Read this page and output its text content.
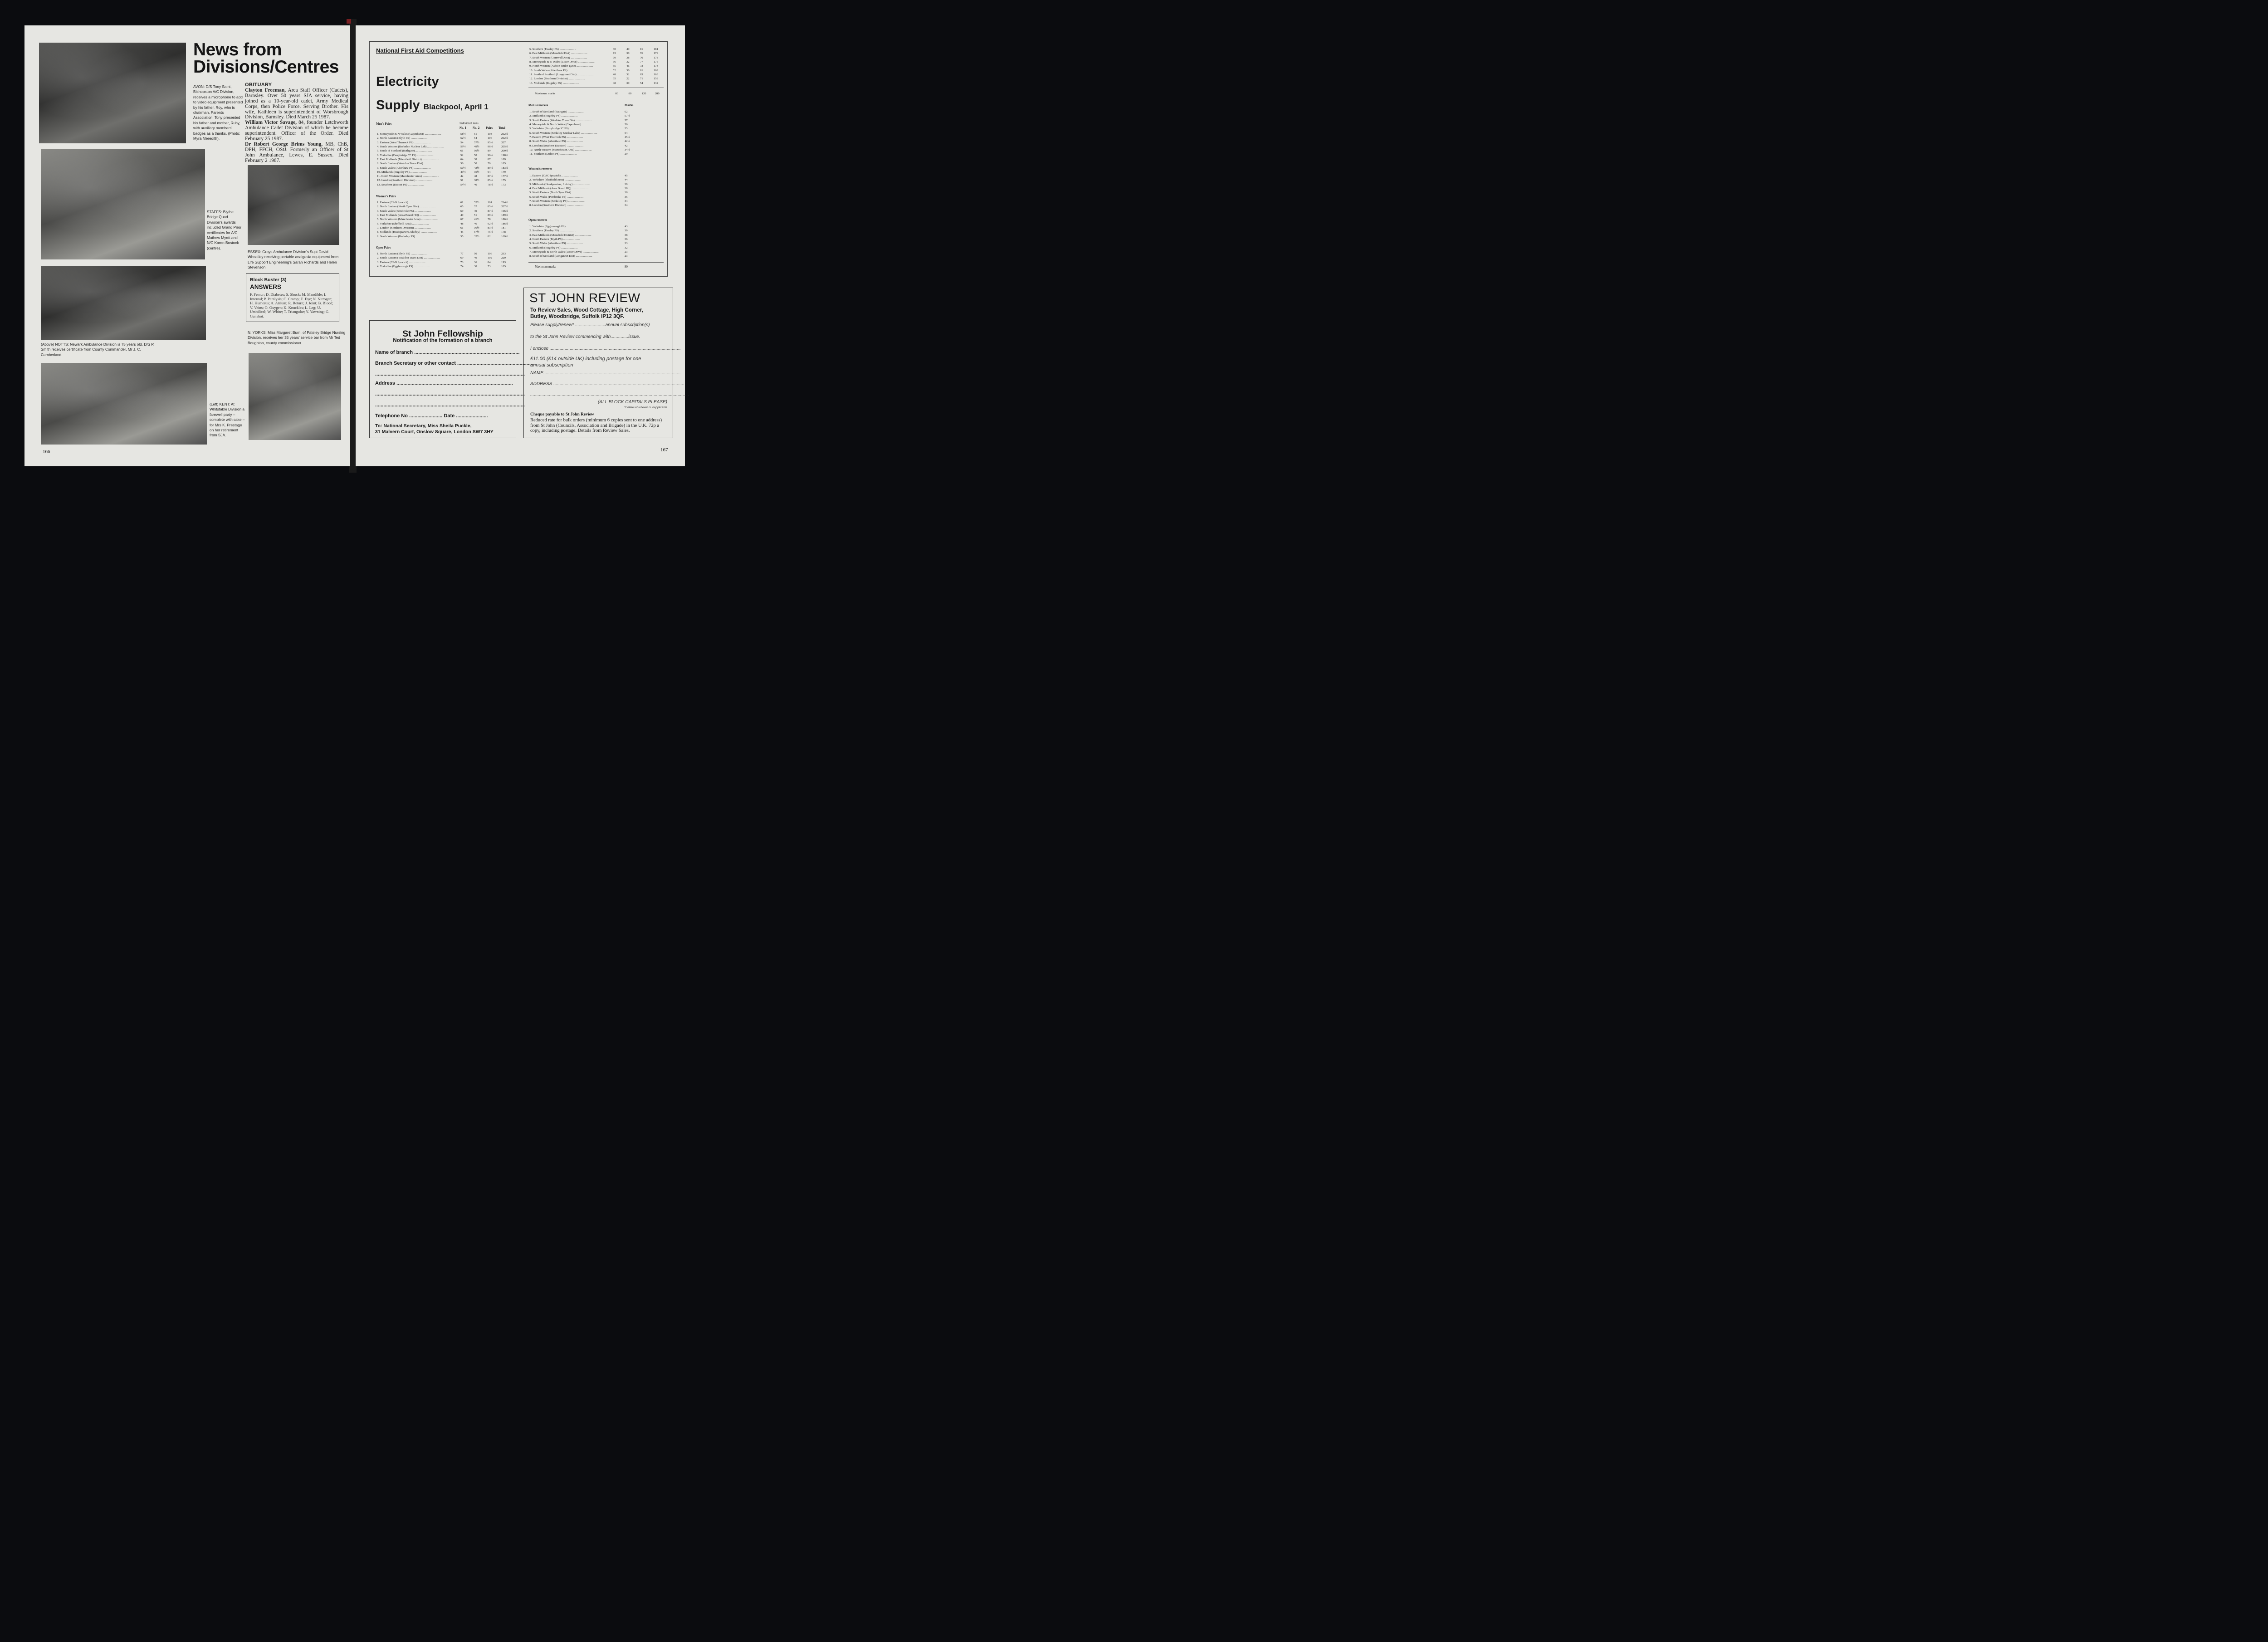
News from Divisions/Centres
AVON: D/S Tony Saint, Bishopston A/C Division, receives a microphone to add to video equipment presented by his father, Roy, who is chairman, Parents Association. Tony presented his father and mother, Ruby, with auxiliary members' badges as a thanks. (Photo: Myra Meredith).
STAFFS: Blythe Bridge Quad Division's awards included Grand Prior certificates for A/C Mathew Myott and N/C Karen Bostock (centre).
(Above) NOTTS: Newark Ambulance Division is 75 years old. D/S P. Smith receives certificate from County Commander, Mr J. C. Cumberland.
(Left) KENT: At Whitstable Division a farewell party – complete with cake – for Mrs K. Prestage on her retirement from SJA.
OBITUARY
Clayton Freeman, Area Staff Officer (Cadets), Barnsley. Over 50 years SJA service, having joined as a 10-year-old cadet, Army Medical Corps, then Police Force. Serving Brother. His wife, Kathleen is superintendent of Worsbrough Division, Barnsley. Died March 25 1987.
William Victor Savage, 84, founder Letchworth Ambulance Cadet Division of which he became superintendent. Officer of the Order. Died February 25 1987.
Dr Robert George Brims Young, MB, ChB, DPH, FFCH, OStJ. Formerly an Officer of St John Ambulance, Lewes, E. Sussex. Died February 2 1987.
ESSEX: Grays Ambulance Division's Supt David Wheatley receiving portable analgesia equipment from Life Support Engineering's Sarah Richards and Helen Stevenson.
Block Buster (3)
ANSWERS
F. Femur; D. Diabetes; S. Shock; M. Mandible; I. Internal; P. Paralysis; C. Cramp; E. Eye; N. Nitrogen; H. Humerus; A. Atrium; R. Return; J. Joint; B. Blood; V. Veins; O. Oxygen; K. Knuckles; L. Leg; U. Umbilical; W. White; T. Triangular; Y. Yawning; G. Gunshot.
N. YORKS: Miss Margaret Burn, of Pateley Bridge Nursing Division, receives her 35 years' service bar from Mr Ted Boughton, county commissioner.
166
National First Aid Competitions
Electricity
Supply Blackpool, April 1
Men's Pairs	Individual tests
No. 1 No. 2 Pairs Total
1. Merseyside & N Wales (Capenhurst) ......................	58½	51	103	212½
2. North Eastern (Blyth PS) ......................	52½	54	106	212½
3. Eastern (West Thurrock PS) ......................	54	57½	95½	207
4. South Western (Berkeley Nuclear Lab) ......................	59½	49½	96½	205½
5. South of Scotland (Bathgate) ......................	61	50½	89	200½
6. Yorkshire (Ferrybridge 'C' PS) ......................	52	50	96½	198½
7. East Midlands (Mansfield District) ......................	64	38	87	189
8. South Eastern (Wealdon Trans Dist) ......................	56	50	79	185
9. South Wales (Aberthaw PS) ......................	50½	43½	89½	183½
10. Midlands (Rugeley PS) ......................	49½	35½	94	179
11. North Western (Manchester Area) ......................	42	48	87½	177½
12. London (Southern Division) ......................	51	38½	85½	175
13. Southern (Didcot PS) ......................	54½	40	78½	173
Women's Pairs
1. Eastern (CAO Ipswich) ......................	61	52½	101	214½
2. North Eastern (North Tyne Dist) ......................	65	57	85½	207½
3. South Wales (Pembroke PS) ......................	69	40	87½	196½
4. East Midlands (Area Board HQ) ......................	49	51	89½	189½
5. North Western (Manchester Area) ......................	67	41½	78	186½
6. Yorkshire (Sheffield Area) ......................	48	46	92½	186½
7. London (Southern Division) ......................	61	36½	83½	181
8. Midlands (Headquarters, Shirley) ......................	45	57½	75½	178
9. South Western (Berkeley PS) ......................	55	32½	82	169½
Open Pairs
1. North Eastern (Blyth PS) ......................	77	50	106	233
2. South Eastern (Wealdon Trans Dist) ......................	69	49	102	220
3. Eastern (CAO Ipswich) ......................	73	36	84	193
4. Yorkshire (Eggborough PS) ......................	74	38	73	185
5. Southern (Fawley PS) ......................	60	40	81	181
6. East Midlands (Mansfield Dist) ......................	73	30	76	179
7. South Western (Cornwall Area) ......................	70	38	70	178
8. Merseyside & N Wales (Lister Drive) ......................	66	32	77	175
9. North Western (Ashton-under-Lyne) ......................	55	46	72	173
10. South Wales (Aberthaw PS) ......................	52	36	81	169
11. South of Scotland (Longannet Dist) ......................	48	32	83	163
12. London (Southern Division) ......................	65	22	71	158
13. Midlands (Rugeley PS) ......................	48	30	54	132
Maximum marks	80	80	120	280
Men's reserves	Marks
1. South of Scotland (Bathgate) ......................	62
2. Midlands (Rugeley PS) ......................	57½
3. South Eastern (Wealdon Trans Dis) ......................	57
4. Merseyside & North Wales (Capenhurst) ......................	56
5. Yorkshire (Ferrybridge 'C' PS) ......................	55
6. South Western (Berkeley Nuclear Labs) ......................	54
7. Eastern (West Thurrock PS) ......................	45½
8. South Wales (Aberthaw PS) ......................	42½
9. London (Southern Division) ......................	42
10. North Western (Manchester Area) ......................	34½
11. Southern (Didcot PS) ......................	29
Women's reserves
1. Eastern (CAO Ipswich) ......................	45
2. Yorkshire (Sheffield Area) ......................	44
3. Midlands (Headquarters, Shirley) ......................	39
4. East Midlands (Area Board HQ) ......................	38
5. North Eastern (North Tyne Dist) ......................	38
6. South Wales (Pembroke PS) ......................	35
7. South Western (Berkeley PS) ......................	34
8. London (Southern Division) ......................	34
Open reserves
1. Yorkshire (Eggborough PS) ......................	43
2. Southern (Fawley PS) ......................	39
3. East Midlands (Mansfield District) ......................	38
4. North Eastern (Blyth PS) ......................	36
5. South Wales (Aberthaw PS) ......................	33
6. Midlands (Rugeley PS) ......................	32
7. Merseyside & North Wales (Lister Drive) ......................	23
8. South of Scotland (Longannet Dist) ......................	23
Maximum marks	80
St John Fellowship
Notification of the formation of a branch
Name of branch ............................................................................
Branch Secretary or other contact ........................................................
............................................................................................................
Address ....................................................................................
............................................................................................................
............................................................................................................
Telephone No ........................ Date .......................
To: National Secretary, Miss Sheila Puckle,
31 Malvern Court, Onslow Square, London SW7 3HY
ST JOHN REVIEW
To Review Sales, Wood Cottage, High Corner,
Butley, Woodbridge, Suffolk IP12 3QF.
Please supply/renew* ........................annual subscription(s)
to the St John Review commencing with..............issue.
I enclose ........................................................................................................
£11.00 (£14 outside UK) including postage for one
annual subscription
NAME.............................................................................................................
ADDRESS ........................................................................................................
..............................................................................................................................
(ALL BLOCK CAPITALS PLEASE)
*Delete whichever is inapplicable
Cheque payable to St John Review
Reduced rate for bulk orders (minimum 6 copies sent to one address) from St John (Councils, Association and Brigade) in the U.K. 72p a copy, including postage. Details from Review Sales.
167
